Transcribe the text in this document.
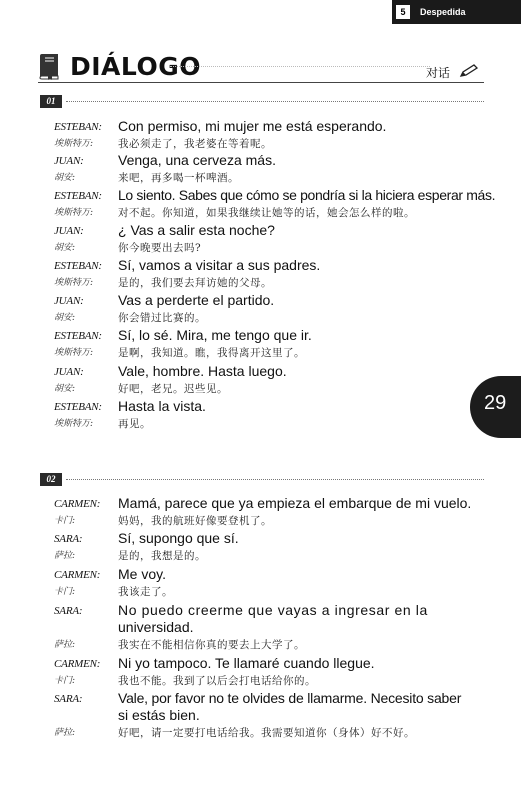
5	Despedida
DIÁLOGO	对话
01
ESTEBAN:
埃斯特万:
Con permiso, mi mujer me está esperando.
我必须走了，我老婆在等着呢。
JUAN:
胡安:
Venga, una cerveza más.
来吧，再多喝一杯啤酒。
ESTEBAN:
埃斯特万:
Lo siento. Sabes que cómo se pondría si la hiciera esperar más.
对不起。你知道，如果我继续让她等的话，她会怎么样的啦。
JUAN:
胡安:
¿ Vas a salir esta noche?
你今晚要出去吗?
ESTEBAN:
埃斯特万:
Sí, vamos a visitar a sus padres.
是的，我们要去拜访她的父母。
JUAN:
胡安:
Vas a perderte el partido.
你会错过比赛的。
ESTEBAN:
埃斯特万:
Sí, lo sé. Mira, me tengo que ir.
是啊，我知道。瞧，我得离开这里了。
JUAN:
胡安:
Vale, hombre. Hasta luego.
好吧，老兄。迟些见。
ESTEBAN:
埃斯特万:
Hasta la vista.
再见。
29
02
CARMEN:
卡门:
Mamá, parece que ya empieza el embarque de mi vuelo.
妈妈，我的航班好像要登机了。
SARA:
萨拉:
Sí, supongo que sí.
是的，我想是的。
CARMEN:
卡门:
Me voy.
我该走了。
SARA:
萨拉:
No puedo creerme que vayas a ingresar en la
universidad.
我实在不能相信你真的要去上大学了。
CARMEN:
卡门:
Ni yo tampoco. Te llamaré cuando llegue.
我也不能。我到了以后会打电话给你的。
SARA:
萨拉:
Vale, por favor no te olvides de llamarme. Necesito saber
si estás bien.
好吧，请一定要打电话给我。我需要知道你（身体）好不好。
